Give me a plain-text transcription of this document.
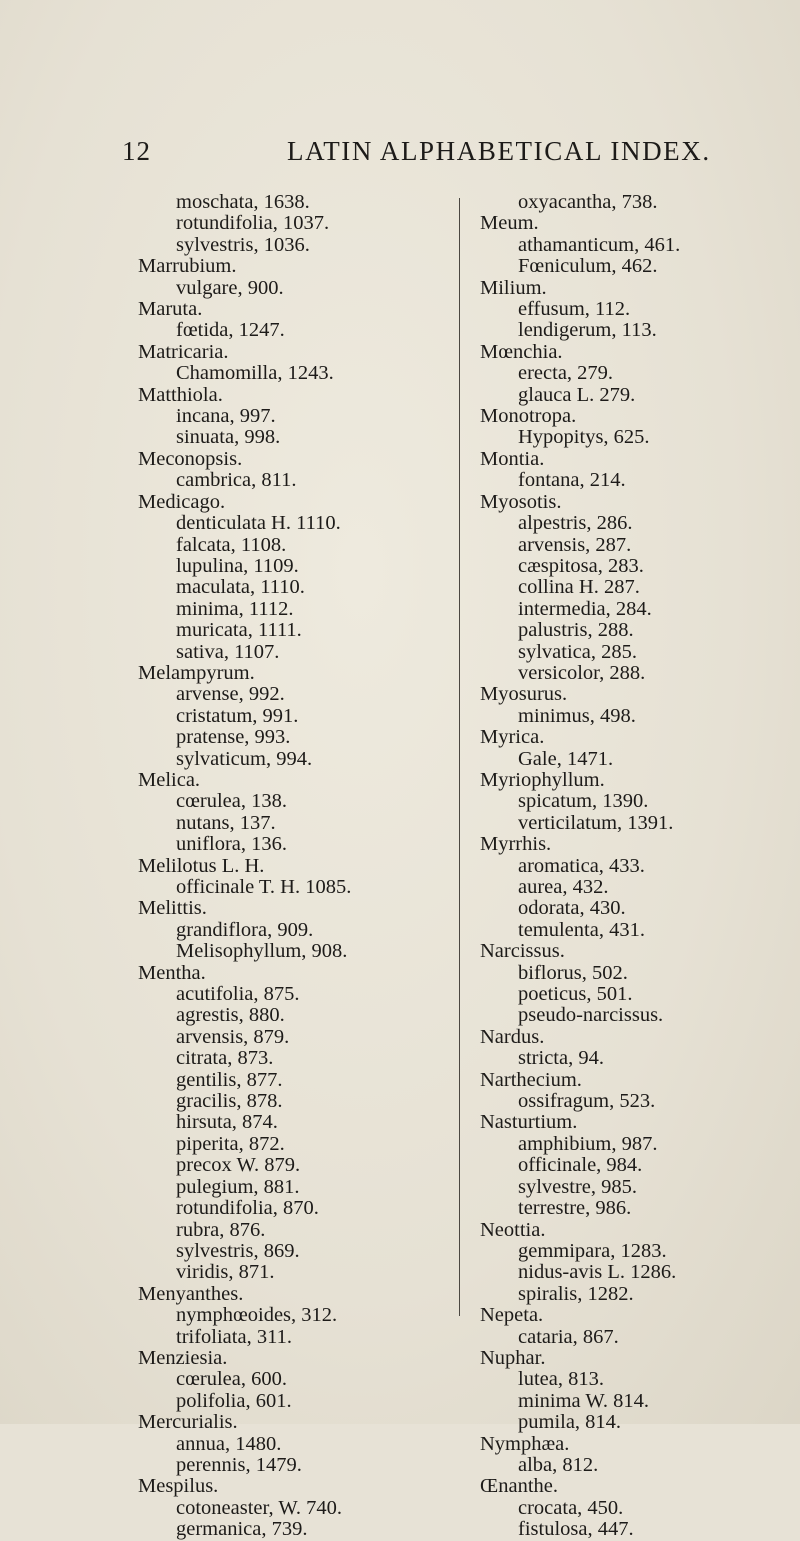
12	LATIN ALPHABETICAL INDEX.
moschata, 1638.
rotundifolia, 1037.
sylvestris, 1036.
Marrubium.
vulgare, 900.
Maruta.
fœtida, 1247.
Matricaria.
Chamomilla, 1243.
Matthiola.
incana, 997.
sinuata, 998.
Meconopsis.
cambrica, 811.
Medicago.
denticulata H. 1110.
falcata, 1108.
lupulina, 1109.
maculata, 1110.
minima, 1112.
muricata, 1111.
sativa, 1107.
Melampyrum.
arvense, 992.
cristatum, 991.
pratense, 993.
sylvaticum, 994.
Melica.
cœrulea, 138.
nutans, 137.
uniflora, 136.
Melilotus L. H.
officinale T. H. 1085.
Melittis.
grandiflora, 909.
Melisophyllum, 908.
Mentha.
acutifolia, 875.
agrestis, 880.
arvensis, 879.
citrata, 873.
gentilis, 877.
gracilis, 878.
hirsuta, 874.
piperita, 872.
precox W. 879.
pulegium, 881.
rotundifolia, 870.
rubra, 876.
sylvestris, 869.
viridis, 871.
Menyanthes.
nymphœoides, 312.
trifoliata, 311.
Menziesia.
cœrulea, 600.
polifolia, 601.
Mercurialis.
annua, 1480.
perennis, 1479.
Mespilus.
cotoneaster, W. 740.
germanica, 739.
oxyacantha, 738.
Meum.
athamanticum, 461.
Fœniculum, 462.
Milium.
effusum, 112.
lendigerum, 113.
Mœnchia.
erecta, 279.
glauca L. 279.
Monotropa.
Hypopitys, 625.
Montia.
fontana, 214.
Myosotis.
alpestris, 286.
arvensis, 287.
cæspitosa, 283.
collina H. 287.
intermedia, 284.
palustris, 288.
sylvatica, 285.
versicolor, 288.
Myosurus.
minimus, 498.
Myrica.
Gale, 1471.
Myriophyllum.
spicatum, 1390.
verticilatum, 1391.
Myrrhis.
aromatica, 433.
aurea, 432.
odorata, 430.
temulenta, 431.
Narcissus.
biflorus, 502.
poeticus, 501.
pseudo-narcissus.
Nardus.
stricta, 94.
Narthecium.
ossifragum, 523.
Nasturtium.
amphibium, 987.
officinale, 984.
sylvestre, 985.
terrestre, 986.
Neottia.
gemmipara, 1283.
nidus-avis L. 1286.
spiralis, 1282.
Nepeta.
cataria, 867.
Nuphar.
lutea, 813.
minima W. 814.
pumila, 814.
Nymphæa.
alba, 812.
Œnanthe.
crocata, 450.
fistulosa, 447.
